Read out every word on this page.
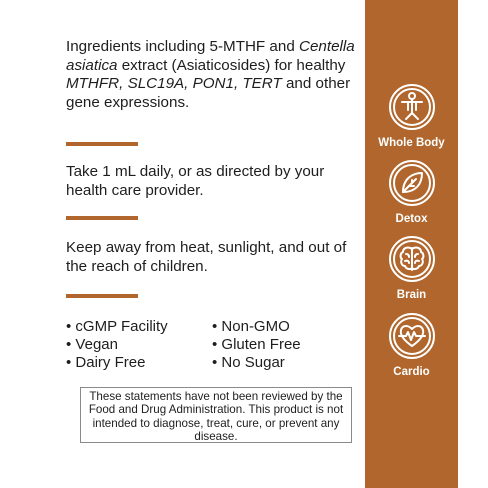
Ingredients including 5-MTHF and Centella asiatica extract (Asiaticosides) for healthy MTHFR, SLC19A, PON1, TERT and other gene expressions.

Take 1 mL daily, or as directed by your health care provider.

Keep away from heat, sunlight, and out of the reach of children.

• cGMP Facility	• Non-GMO
• Vegan	• Gluten Free
• Dairy Free	• No Sugar
These statements have not been reviewed by the Food and Drug Administration. This product is not intended to diagnose, treat, cure, or prevent any disease.
Whole Body
Detox
Brain
Cardio
